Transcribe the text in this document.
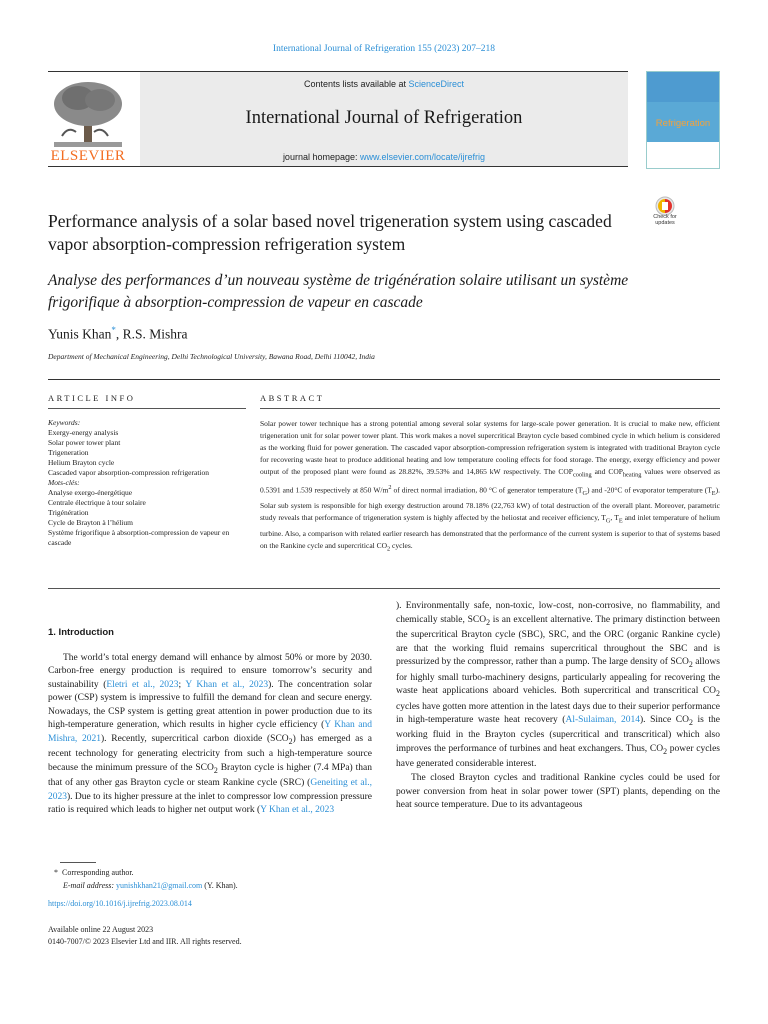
International Journal of Refrigeration 155 (2023) 207–218
ELSEVIER
Contents lists available at ScienceDirect
International Journal of Refrigeration
journal homepage: www.elsevier.com/locate/ijrefrig
Refrigeration
Check for updates
Performance analysis of a solar based novel trigeneration system using cascaded vapor absorption-compression refrigeration system
Analyse des performances d’un nouveau système de trigénération solaire utilisant un système frigorifique à absorption-compression de vapeur en cascade
Yunis Khan*, R.S. Mishra
Department of Mechanical Engineering, Delhi Technological University, Bawana Road, Delhi 110042, India
ARTICLE INFO	ABSTRACT
Keywords:
Exergy-energy analysis
Solar power tower plant
Trigeneration
Helium Brayton cycle
Cascaded vapor absorption-compression refrigeration
Mots-clés:
Analyse exergo-énergétique
Centrale électrique à tour solaire
Trigénération
Cycle de Brayton à l’hélium
Système frigorifique à absorption-compression de vapeur en cascade
Solar power tower technique has a strong potential among several solar systems for large-scale power generation. It is crucial to make new, efficient trigeneration unit for solar power tower plant. This work makes a novel supercritical Brayton cycle based combined cycle in which helium is considered as the working fluid for power generation. The cascaded vapor absorption-compression refrigeration system is integrated with traditional Brayton cycle for recovering waste heat to produce additional heating and low temperature cooling effects for food storage. The energy, exergy efficiency and power output of the proposed plant were found as 28.82%, 39.53% and 14,865 kW respectively. The $COP_{cooling}$ and $COP_{heating}$ values were observed as 0.5391 and 1.539 respectively at 850 $W/m^2$ of direct normal irradiation, 80 °C of generator temperature $(T_G)$ and -20°C of evaporator temperature $(T_E)$. Solar sub system is responsible for high exergy destruction around 78.18% (22,763 kW) of total destruction of the overall plant. Moreover, parametric study reveals that performance of trigeneration system is highly affected by the heliostat and receiver efficiency, $T_G$, $T_E$ and inlet temperature of helium turbine. Also, a comparison with related earlier research has demonstrated that the performance of the current system is superior to that of systems based on the Rankine cycle and supercritical $CO_2$ cycles.
1. Introduction

The world’s total energy demand will enhance by almost 50% or more by 2030. Carbon-free energy production is required to ensure tomorrow’s security and sustainability (Eletri et al., 2023; Y Khan et al., 2023). The concentration solar power (CSP) system is impressive to fulfill the demand for clean and secure energy. Nowadays, the CSP system is getting great attention in power production due to its high-temperature generation, which results in higher cycle efficiency (Y Khan and Mishra, 2021). Recently, supercritical carbon dioxide $(SCO_2)$ has emerged as a recent technology for generating electricity from such a high-temperature source because the minimum pressure of the $SCO_2$ Brayton cycle is higher (7.4 MPa) than that of any other gas Brayton cycle or steam Rankine cycle (SRC) (Geneiting et al., 2023). Due to its higher pressure at the inlet to compressor low compression pressure ratio is required which leads to higher net output work (Y Khan et al., 2023

). Environmentally safe, non-toxic, low-cost, non-corrosive, no flammability, and chemically stable, $SCO_2$ is an excellent alternative. The primary distinction between the supercritical Brayton cycle (SBC), SRC, and the ORC (organic Rankine cycle) are that the working fluid remains supercritical throughout the SBC and is pressurized by the compressor, rather than a pump. The large density of $SCO_2$ allows for highly small turbo-machinery designs, particularly appealing for recovering the waste heat applications aboard vehicles. Both supercritical and transcritical $CO_2$ cycles have gotten more attention in the latest days due to their superior performance in high-temperature waste heat recovery (Al-Sulaiman, 2014). Since $CO_2$ is the working fluid in the Brayton cycles (supercritical and transcritical) which also improves the performance of turbines and heat exchangers. Thus, $CO_2$ power cycles have generated considerable interest.

The closed Brayton cycles and traditional Rankine cycles could be used for power conversion from heat in solar power tower (SPT) plants, depending on the heat source temperature. Due to its advantageous

* Corresponding author.
E-mail address: yunishkhan21@gmail.com (Y. Khan).
https://doi.org/10.1016/j.ijrefrig.2023.08.014
Available online 22 August 2023
0140-7007/© 2023 Elsevier Ltd and IIR. All rights reserved.
